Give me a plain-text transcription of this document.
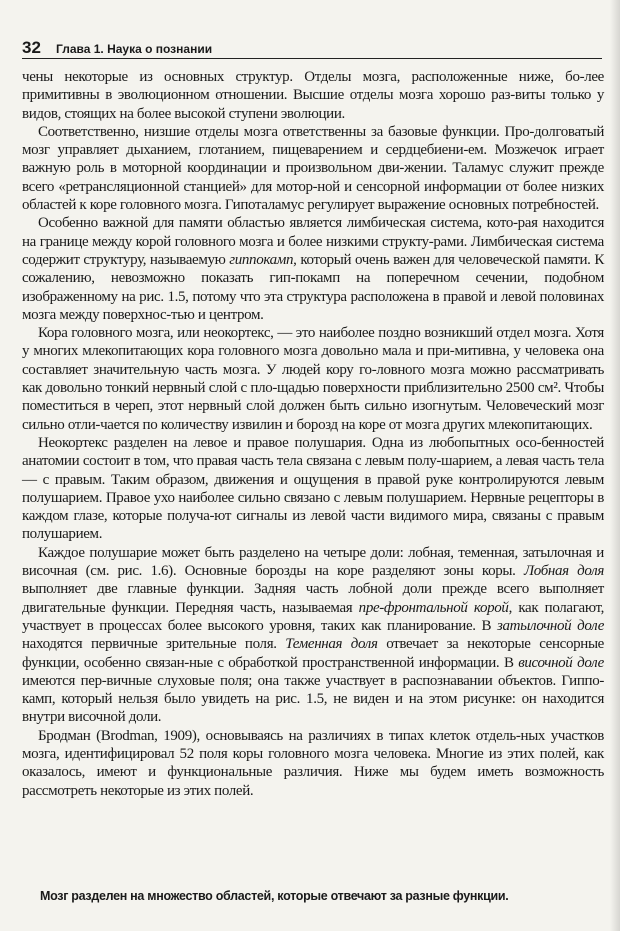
32 Глава 1. Наука о познании

чены некоторые из основных структур. Отделы мозга, расположенные ниже, бо-лее примитивны в эволюционном отношении. Высшие отделы мозга хорошо раз-виты только у видов, стоящих на более высокой ступени эволюции.

Соответственно, низшие отделы мозга ответственны за базовые функции. Про-долговатый мозг управляет дыханием, глотанием, пищеварением и сердцебиени-ем. Мозжечок играет важную роль в моторной координации и произвольном дви-жении. Таламус служит прежде всего «ретрансляционной станцией» для мотор-ной и сенсорной информации от более низких областей к коре головного мозга. Гипоталамус регулирует выражение основных потребностей.

Особенно важной для памяти областью является лимбическая система, кото-рая находится на границе между корой головного мозга и более низкими структу-рами. Лимбическая система содержит структуру, называемую гиппокамп, который очень важен для человеческой памяти. К сожалению, невозможно показать гип-покамп на поперечном сечении, подобном изображенному на рис. 1.5, потому что эта структура расположена в правой и левой половинах мозга между поверхнос-тью и центром.

Кора головного мозга, или неокортекс, — это наиболее поздно возникший отдел мозга. Хотя у многих млекопитающих кора головного мозга довольно мала и при-митивна, у человека она составляет значительную часть мозга. У людей кору го-ловного мозга можно рассматривать как довольно тонкий нервный слой с пло-щадью поверхности приблизительно 2500 см². Чтобы поместиться в череп, этот нервный слой должен быть сильно изогнутым. Человеческий мозг сильно отли-чается по количеству извилин и борозд на коре от мозга других млекопитающих.

Неокортекс разделен на левое и правое полушария. Одна из любопытных осо-бенностей анатомии состоит в том, что правая часть тела связана с левым полу-шарием, а левая часть тела — с правым. Таким образом, движения и ощущения в правой руке контролируются левым полушарием. Правое ухо наиболее сильно связано с левым полушарием. Нервные рецепторы в каждом глазе, которые получа-ют сигналы из левой части видимого мира, связаны с правым полушарием.

Каждое полушарие может быть разделено на четыре доли: лобная, теменная, затылочная и височная (см. рис. 1.6). Основные борозды на коре разделяют зоны коры. Лобная доля выполняет две главные функции. Задняя часть лобной доли прежде всего выполняет двигательные функции. Передняя часть, называемая пре-фронтальной корой, как полагают, участвует в процессах более высокого уровня, таких как планирование. В затылочной доле находятся первичные зрительные поля. Теменная доля отвечает за некоторые сенсорные функции, особенно связан-ные с обработкой пространственной информации. В височной доле имеются пер-вичные слуховые поля; она также участвует в распознавании объектов. Гиппо-камп, который нельзя было увидеть на рис. 1.5, не виден и на этом рисунке: он находится внутри височной доли.

Бродман (Brodman, 1909), основываясь на различиях в типах клеток отдель-ных участков мозга, идентифицировал 52 поля коры головного мозга человека. Многие из этих полей, как оказалось, имеют и функциональные различия. Ниже мы будем иметь возможность рассмотреть некоторые из этих полей.

Мозг разделен на множество областей, которые отвечают за разные функции.
